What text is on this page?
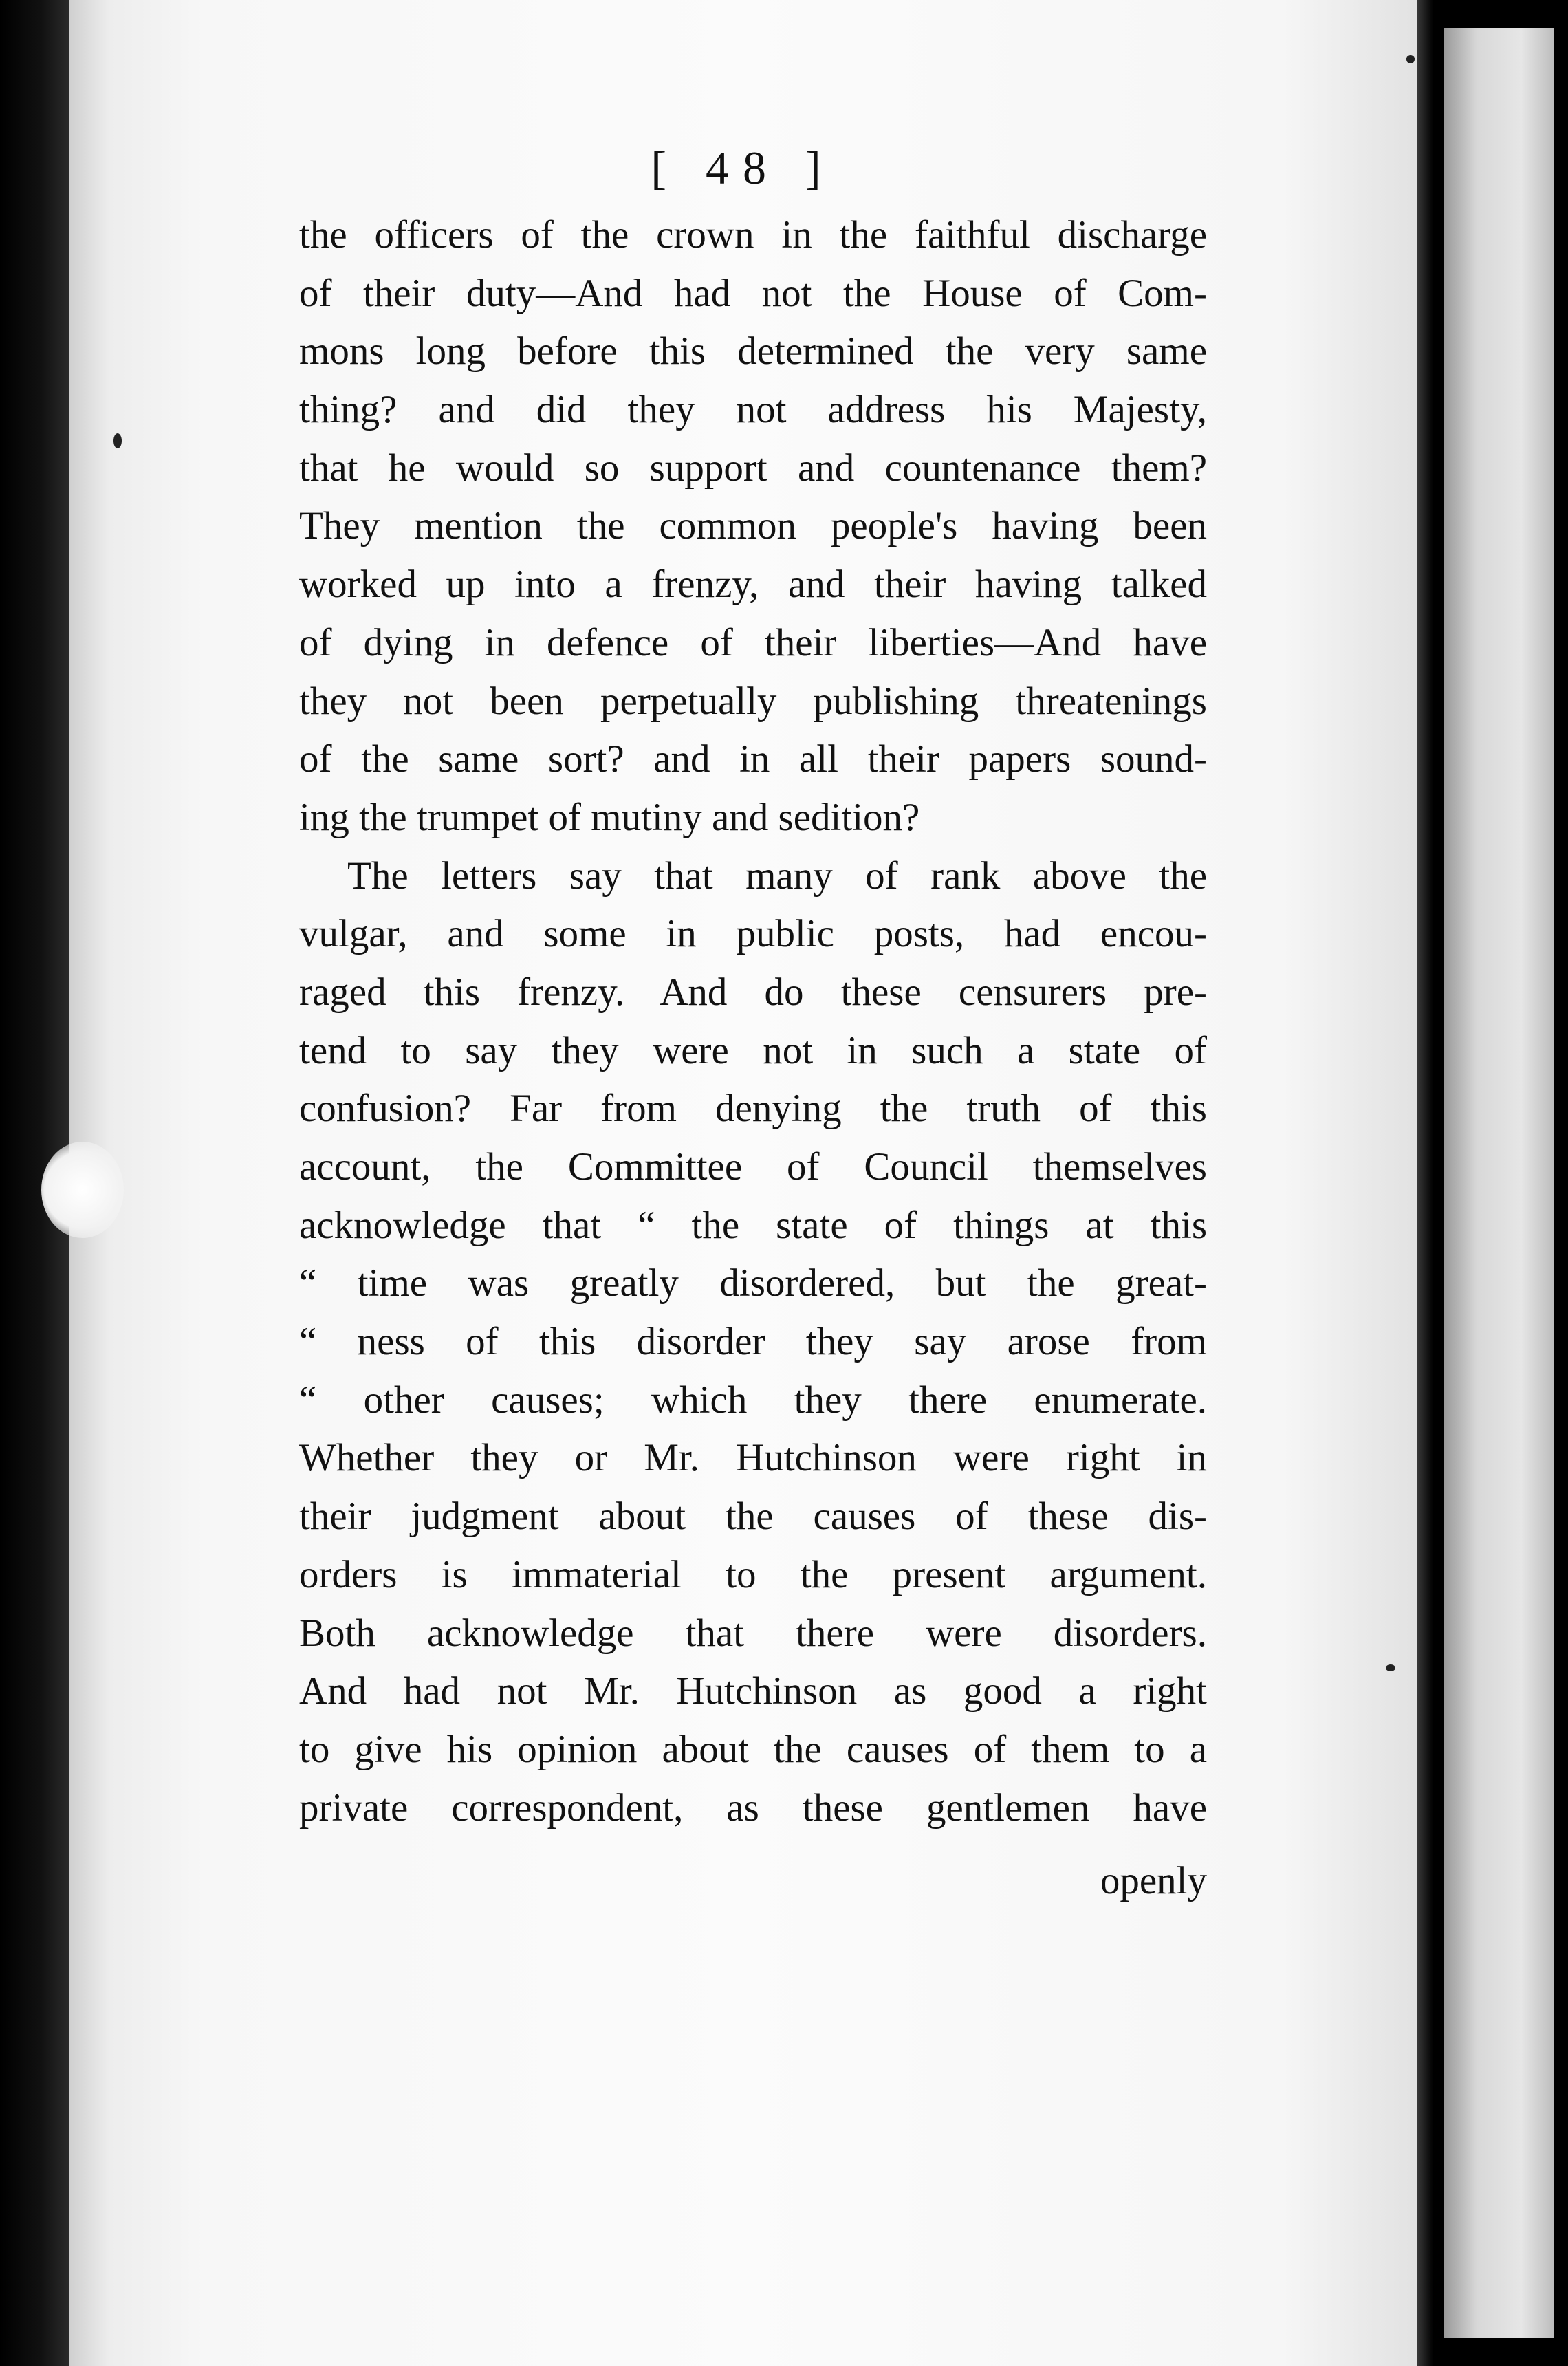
[ 48 ]
the officers of the crown in the faithful discharge
of their duty—And had not the House of Com-
mons long before this determined the very same
thing? and did they not address his Majesty,
that he would so support and countenance them?
They mention the common people's having been
worked up into a frenzy, and their having talked
of dying in defence of their liberties—And have
they not been perpetually publishing threatenings
of the same sort? and in all their papers sound-
ing the trumpet of mutiny and sedition?
The letters say that many of rank above the
vulgar, and some in public posts, had encou-
raged this frenzy. And do these censurers pre-
tend to say they were not in such a state of
confusion? Far from denying the truth of this
account, the Committee of Council themselves
acknowledge that “ the state of things at this
“ time was greatly disordered, but the great-
“ ness of this disorder they say arose from
“ other causes; which they there enumerate.
Whether they or Mr. Hutchinson were right in
their judgment about the causes of these dis-
orders is immaterial to the present argument.
Both acknowledge that there were disorders.
And had not Mr. Hutchinson as good a right
to give his opinion about the causes of them to a
private correspondent, as these gentlemen have
openly
